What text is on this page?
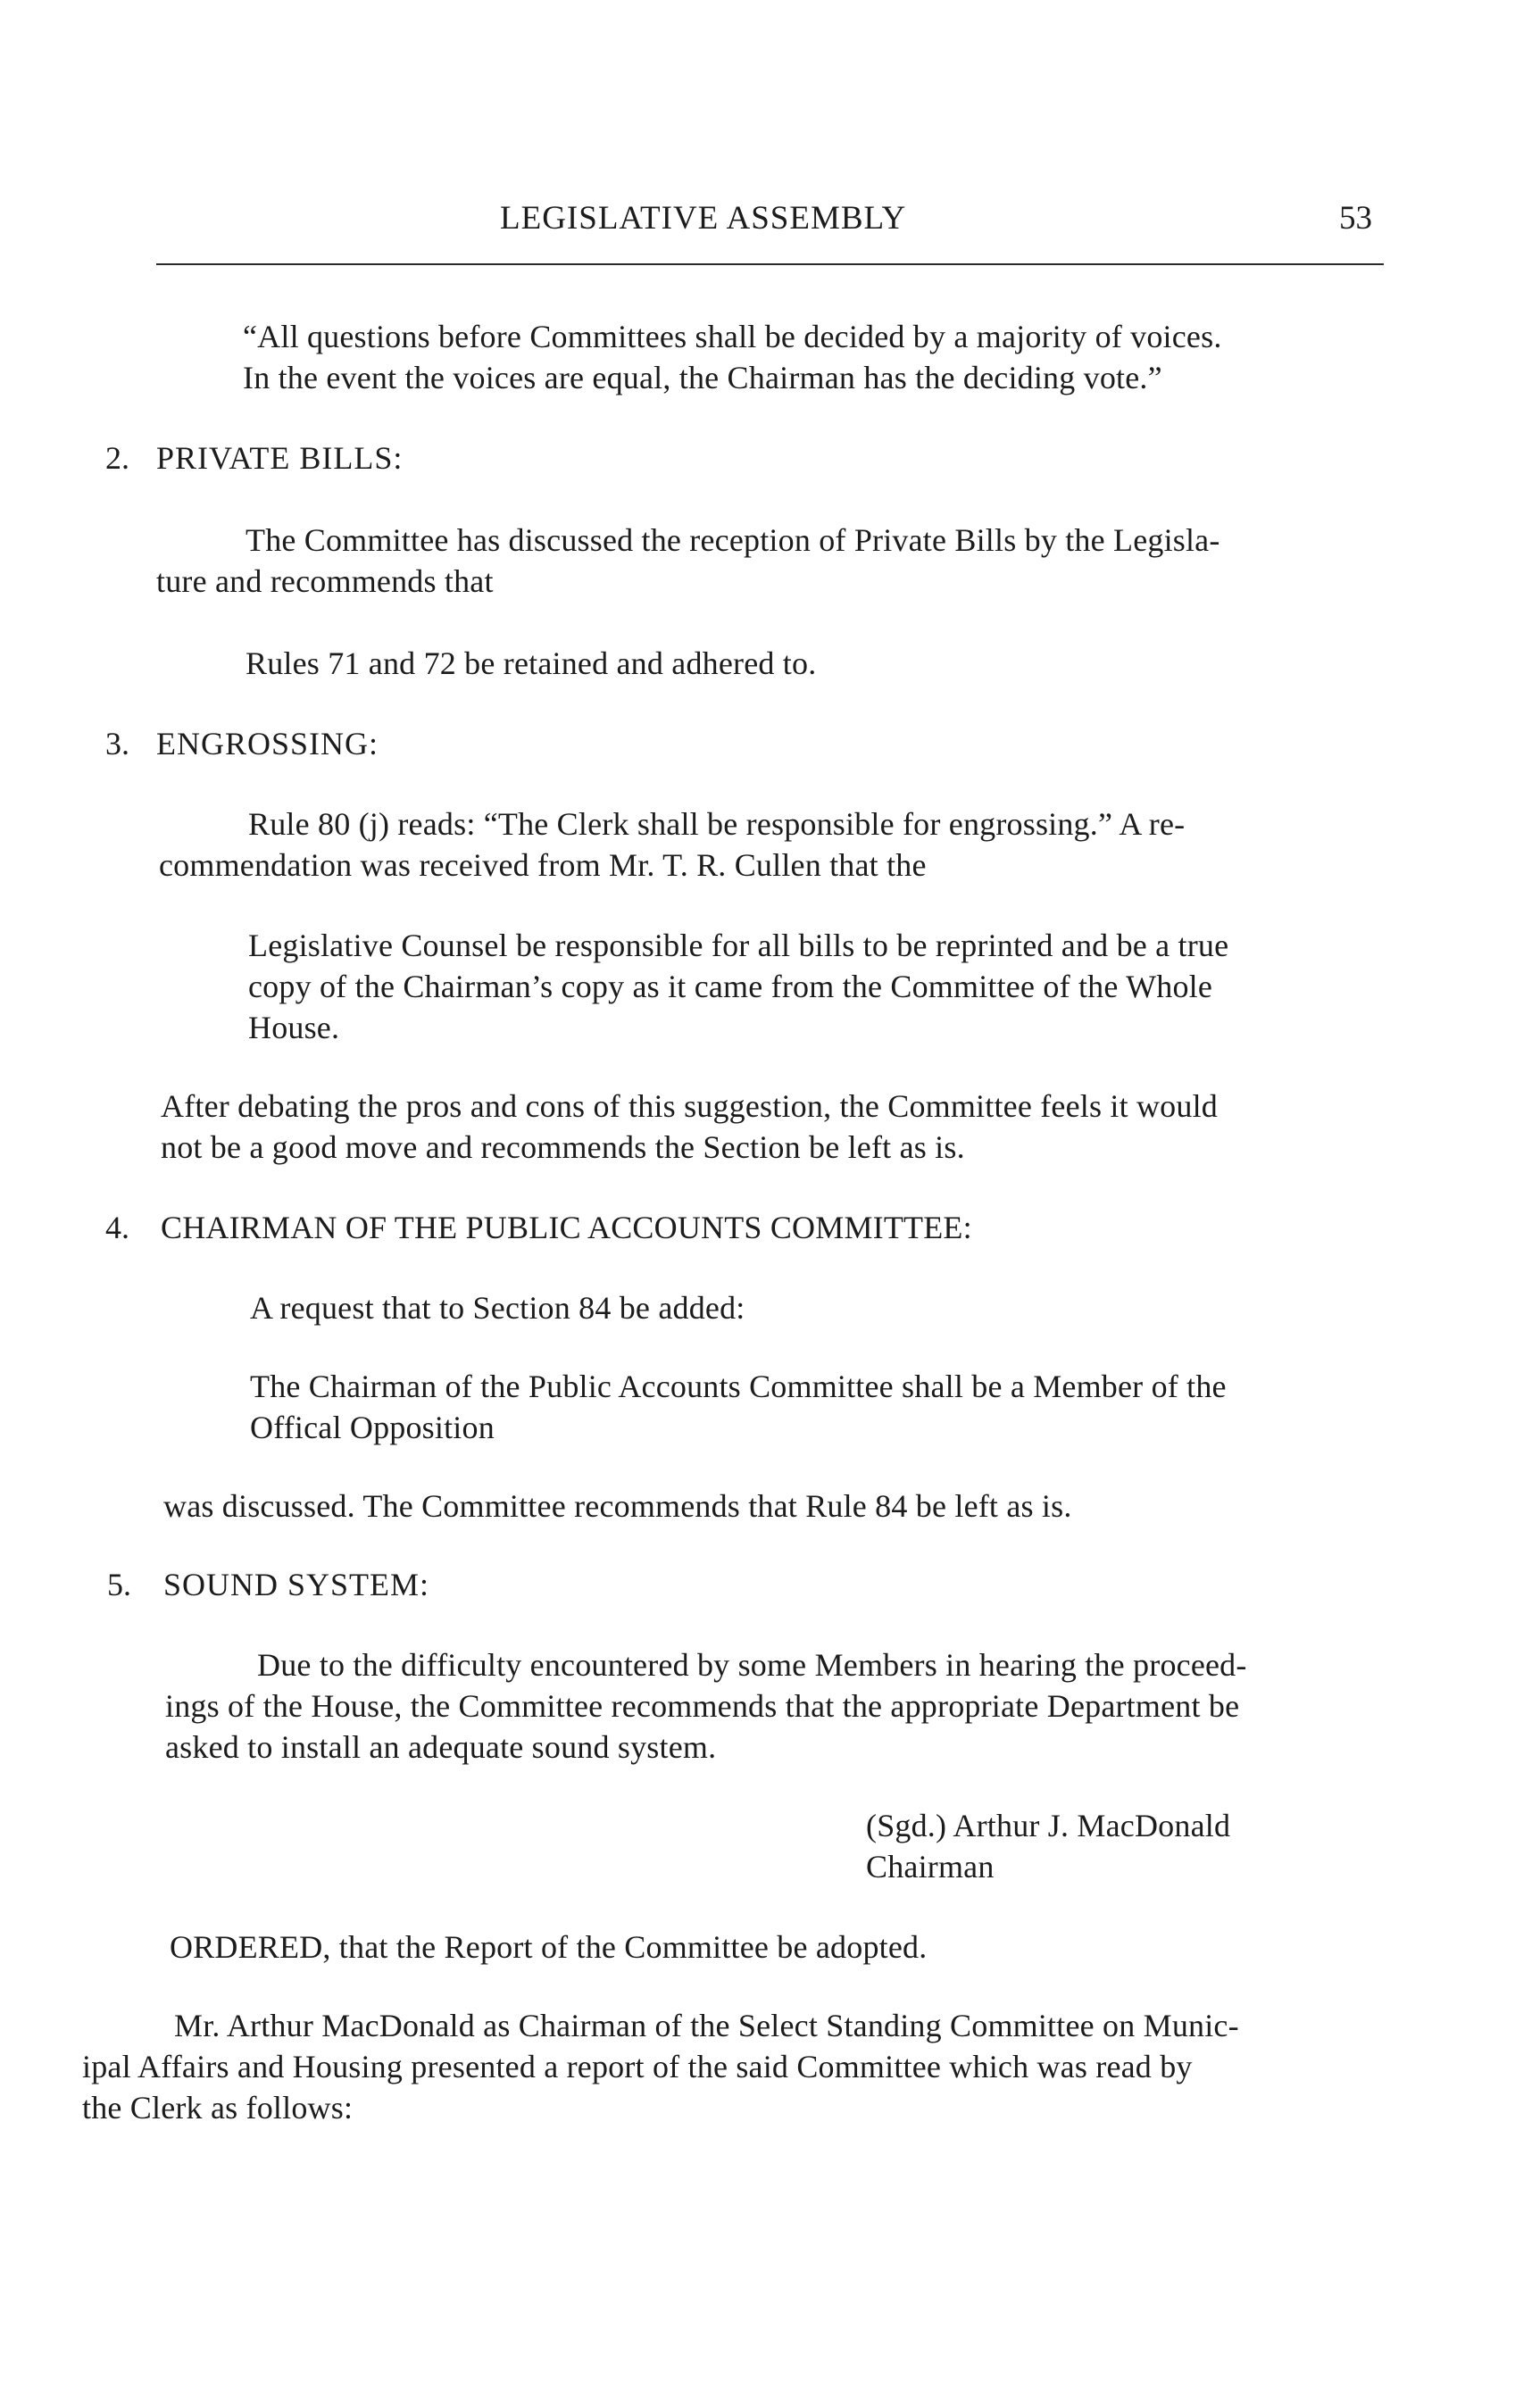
LEGISLATIVE ASSEMBLY	53
“All questions before Committees shall be decided by a majority of voices.
In the event the voices are equal, the Chairman has the deciding vote.”
2. PRIVATE BILLS:
The Committee has discussed the reception of Private Bills by the Legisla-
ture and recommends that
Rules 71 and 72 be retained and adhered to.
3. ENGROSSING:
Rule 80 (j) reads: “The Clerk shall be responsible for engrossing.” A re-
commendation was received from Mr. T. R. Cullen that the
Legislative Counsel be responsible for all bills to be reprinted and be a true
copy of the Chairman’s copy as it came from the Committee of the Whole
House.
After debating the pros and cons of this suggestion, the Committee feels it would
not be a good move and recommends the Section be left as is.
4. CHAIRMAN OF THE PUBLIC ACCOUNTS COMMITTEE:
A request that to Section 84 be added:
The Chairman of the Public Accounts Committee shall be a Member of the
Offical Opposition
was discussed. The Committee recommends that Rule 84 be left as is.
5. SOUND SYSTEM:
Due to the difficulty encountered by some Members in hearing the proceed-
ings of the House, the Committee recommends that the appropriate Department be
asked to install an adequate sound system.
(Sgd.) Arthur J. MacDonald
Chairman
ORDERED, that the Report of the Committee be adopted.
Mr. Arthur MacDonald as Chairman of the Select Standing Committee on Munic-
ipal Affairs and Housing presented a report of the said Committee which was read by
the Clerk as follows:
